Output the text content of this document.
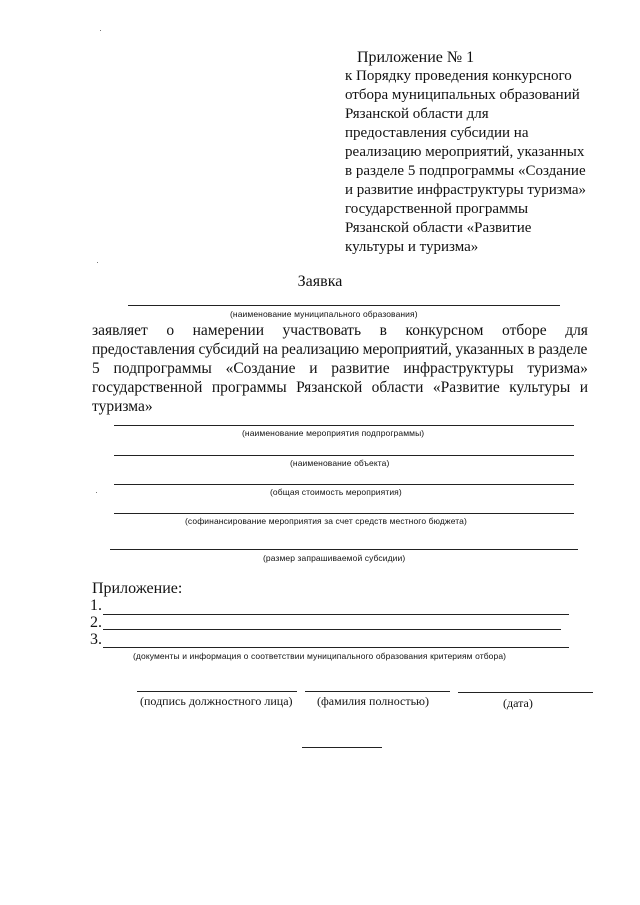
Приложение № 1
к Порядку проведения конкурсного
отбора муниципальных образований
Рязанской области для
предоставления субсидии на
реализацию мероприятий, указанных
в разделе 5 подпрограммы «Создание
и развитие инфраструктуры туризма»
государственной программы
Рязанской области «Развитие
культуры и туризма»
Заявка
(наименование муниципального образования)
заявляет о намерении участвовать в конкурсном отборе для
предоставления субсидий на реализацию мероприятий, указанных в разделе
5 подпрограммы «Создание и развитие инфраструктуры туризма»
государственной программы Рязанской области «Развитие культуры и
туризма»
(наименование мероприятия подпрограммы)
(наименование объекта)
(общая стоимость мероприятия)
(софинансирование мероприятия за счет средств местного бюджета)
(размер запрашиваемой субсидии)
Приложение:
1.
2.
3.
(документы и информация о соответствии муниципального образования критериям отбора)
(подпись должностного лица) (фамилия полностью)	(дата)
